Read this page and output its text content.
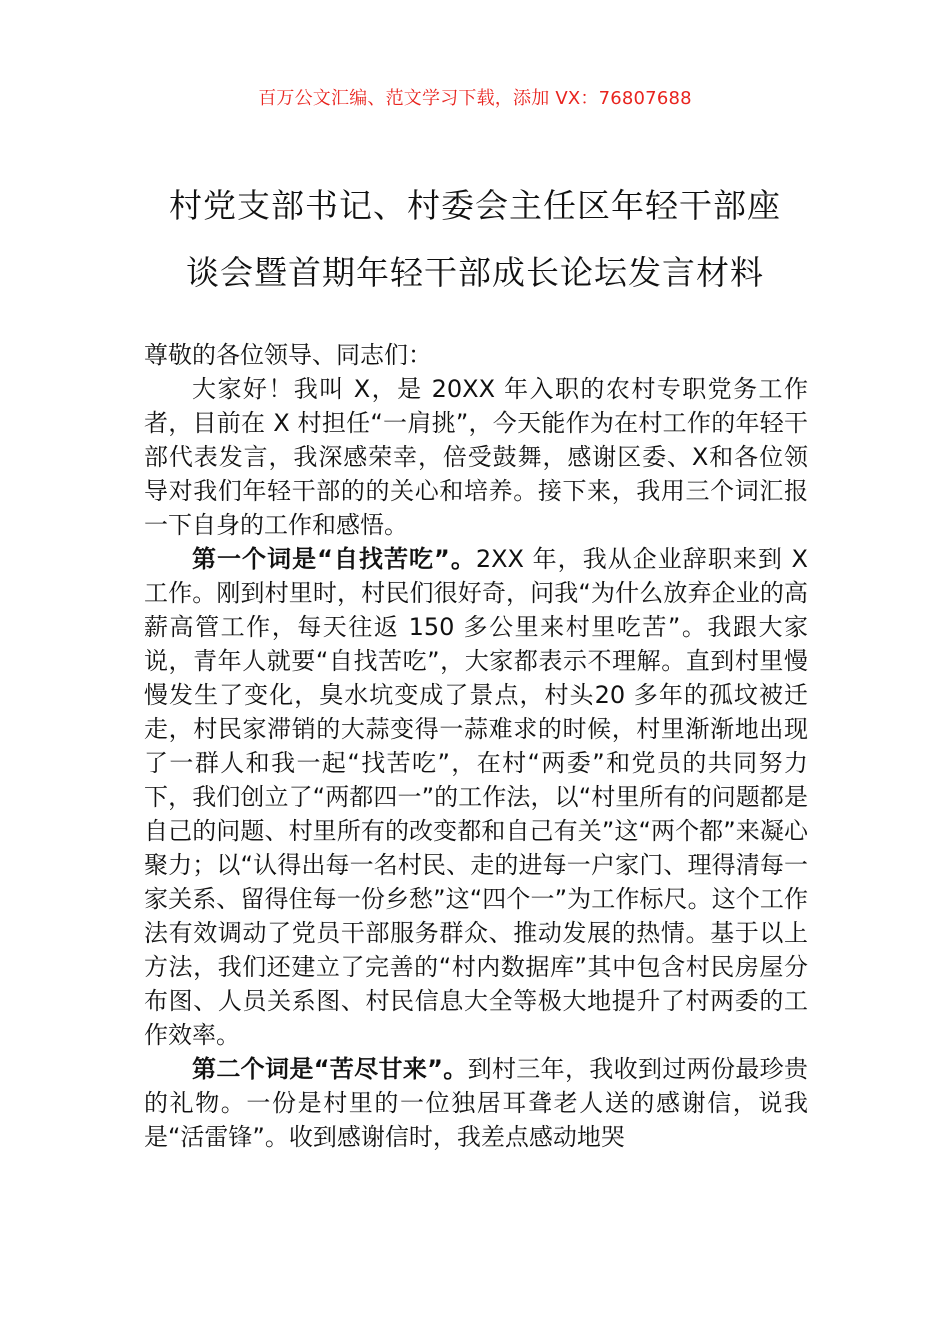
百万公文汇编、范文学习下载，添加 VX：76807688
村党支部书记、村委会主任区年轻干部座
谈会暨首期年轻干部成长论坛发言材料

尊敬的各位领导、同志们：

大家好！我叫 X，是 20XX 年入职的农村专职党务工作者，目前在 X 村担任“一肩挑”，今天能作为在村工作的年轻干部代表发言，我深感荣幸，倍受鼓舞，感谢区委、X和各位领导对我们年轻干部的的关心和培养。接下来，我用三个词汇报一下自身的工作和感悟。

第一个词是“自找苦吃”。2XX 年，我从企业辞职来到 X 工作。刚到村里时，村民们很好奇，问我“为什么放弃企业的高薪高管工作，每天往返 150 多公里来村里吃苦”。我跟大家说，青年人就要“自找苦吃”，大家都表示不理解。直到村里慢慢发生了变化，臭水坑变成了景点，村头20 多年的孤坟被迁走，村民家滞销的大蒜变得一蒜难求的时候，村里渐渐地出现了一群人和我一起“找苦吃”，在村“两委”和党员的共同努力下，我们创立了“两都四一”的工作法，以“村里所有的问题都是自己的问题、村里所有的改变都和自己有关”这“两个都”来凝心聚力；以“认得出每一名村民、走的进每一户家门、理得清每一家关系、留得住每一份乡愁”这“四个一”为工作标尺。这个工作法有效调动了党员干部服务群众、推动发展的热情。基于以上方法，我们还建立了完善的“村内数据库”其中包含村民房屋分布图、人员关系图、村民信息大全等极大地提升了村两委的工作效率。

第二个词是“苦尽甘来”。到村三年，我收到过两份最珍贵的礼物。一份是村里的一位独居耳聋老人送的感谢信，说我是“活雷锋”。收到感谢信时，我差点感动地哭
